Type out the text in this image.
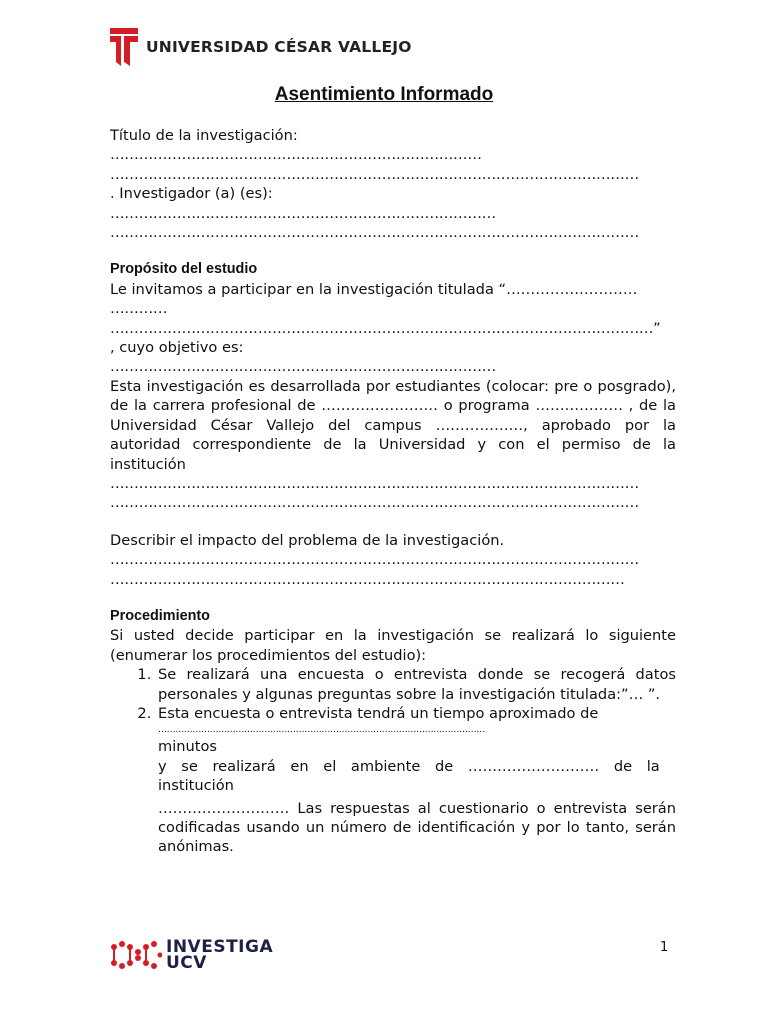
UNIVERSIDAD CÉSAR VALLEJO
Asentimiento Informado
Título de la investigación:
……………………………………………………………………
…………………………………………………………………………………………………
. Investigador (a) (es):
………………………………………………………………………
…………………………………………………………………………………………………
Propósito del estudio
Le invitamos a participar en la investigación titulada “………………………
…………
……………………………………………………………………………………………………”
, cuyo objetivo es:
………………………………………………………………………
Esta investigación es desarrollada por estudiantes (colocar: pre o posgrado), de la carrera profesional de …………………… o programa ……………… , de la Universidad César Vallejo del campus ………………, aprobado por la autoridad correspondiente de la Universidad y con el permiso de la institución
…………………………………………………………………………………………………
…………………………………………………………………………………………………
Describir el impacto del problema de la investigación.
…………………………………………………………………………………………………
………………………………………………………………………………………………
Procedimiento
Si usted decide participar en la investigación se realizará lo siguiente (enumerar los procedimientos del estudio):
1. Se realizará una encuesta o entrevista donde se recogerá datos personales y algunas preguntas sobre la investigación titulada:”… ”.
2. Esta encuesta o entrevista tendrá un tiempo aproximado de
……………………………………………………………………………………………………
minutos
y se realizará en el ambiente de ……………………… de la
institución
……………………… Las respuestas al cuestionario o entrevista serán codificadas usando un número de identificación y por lo tanto, serán anónimas.
INVESTIGA
UCV
1
